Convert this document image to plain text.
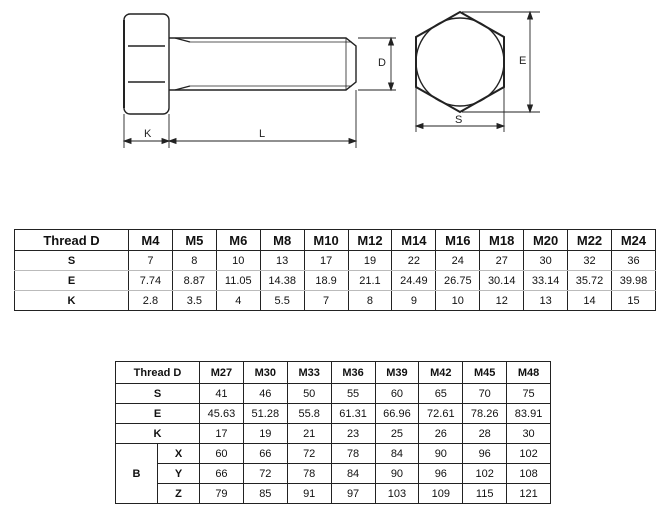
K	L
D
S
E
Thread D	M4	M5	M6	M8	M10	M12	M14	M16	M18	M20	M22	M24
S	7	8	10	13	17	19	22	24	27	30	32	36
E	7.74	8.87	11.05	14.38	18.9	21.1	24.49	26.75	30.14	33.14	35.72	39.98
K	2.8	3.5	4	5.5	7	8	9	10	12	13	14	15
Thread D		M27	M30	M33	M36	M39	M42	M45	M48
S		41	46	50	55	60	65	70	75
E		45.63	51.28	55.8	61.31	66.96	72.61	78.26	83.91
K		17	19	21	23	25	26	28	30
B	X	60	66	72	78	84	90	96	102
	Y	66	72	78	84	90	96	102	108
	Z	79	85	91	97	103	109	115	121
